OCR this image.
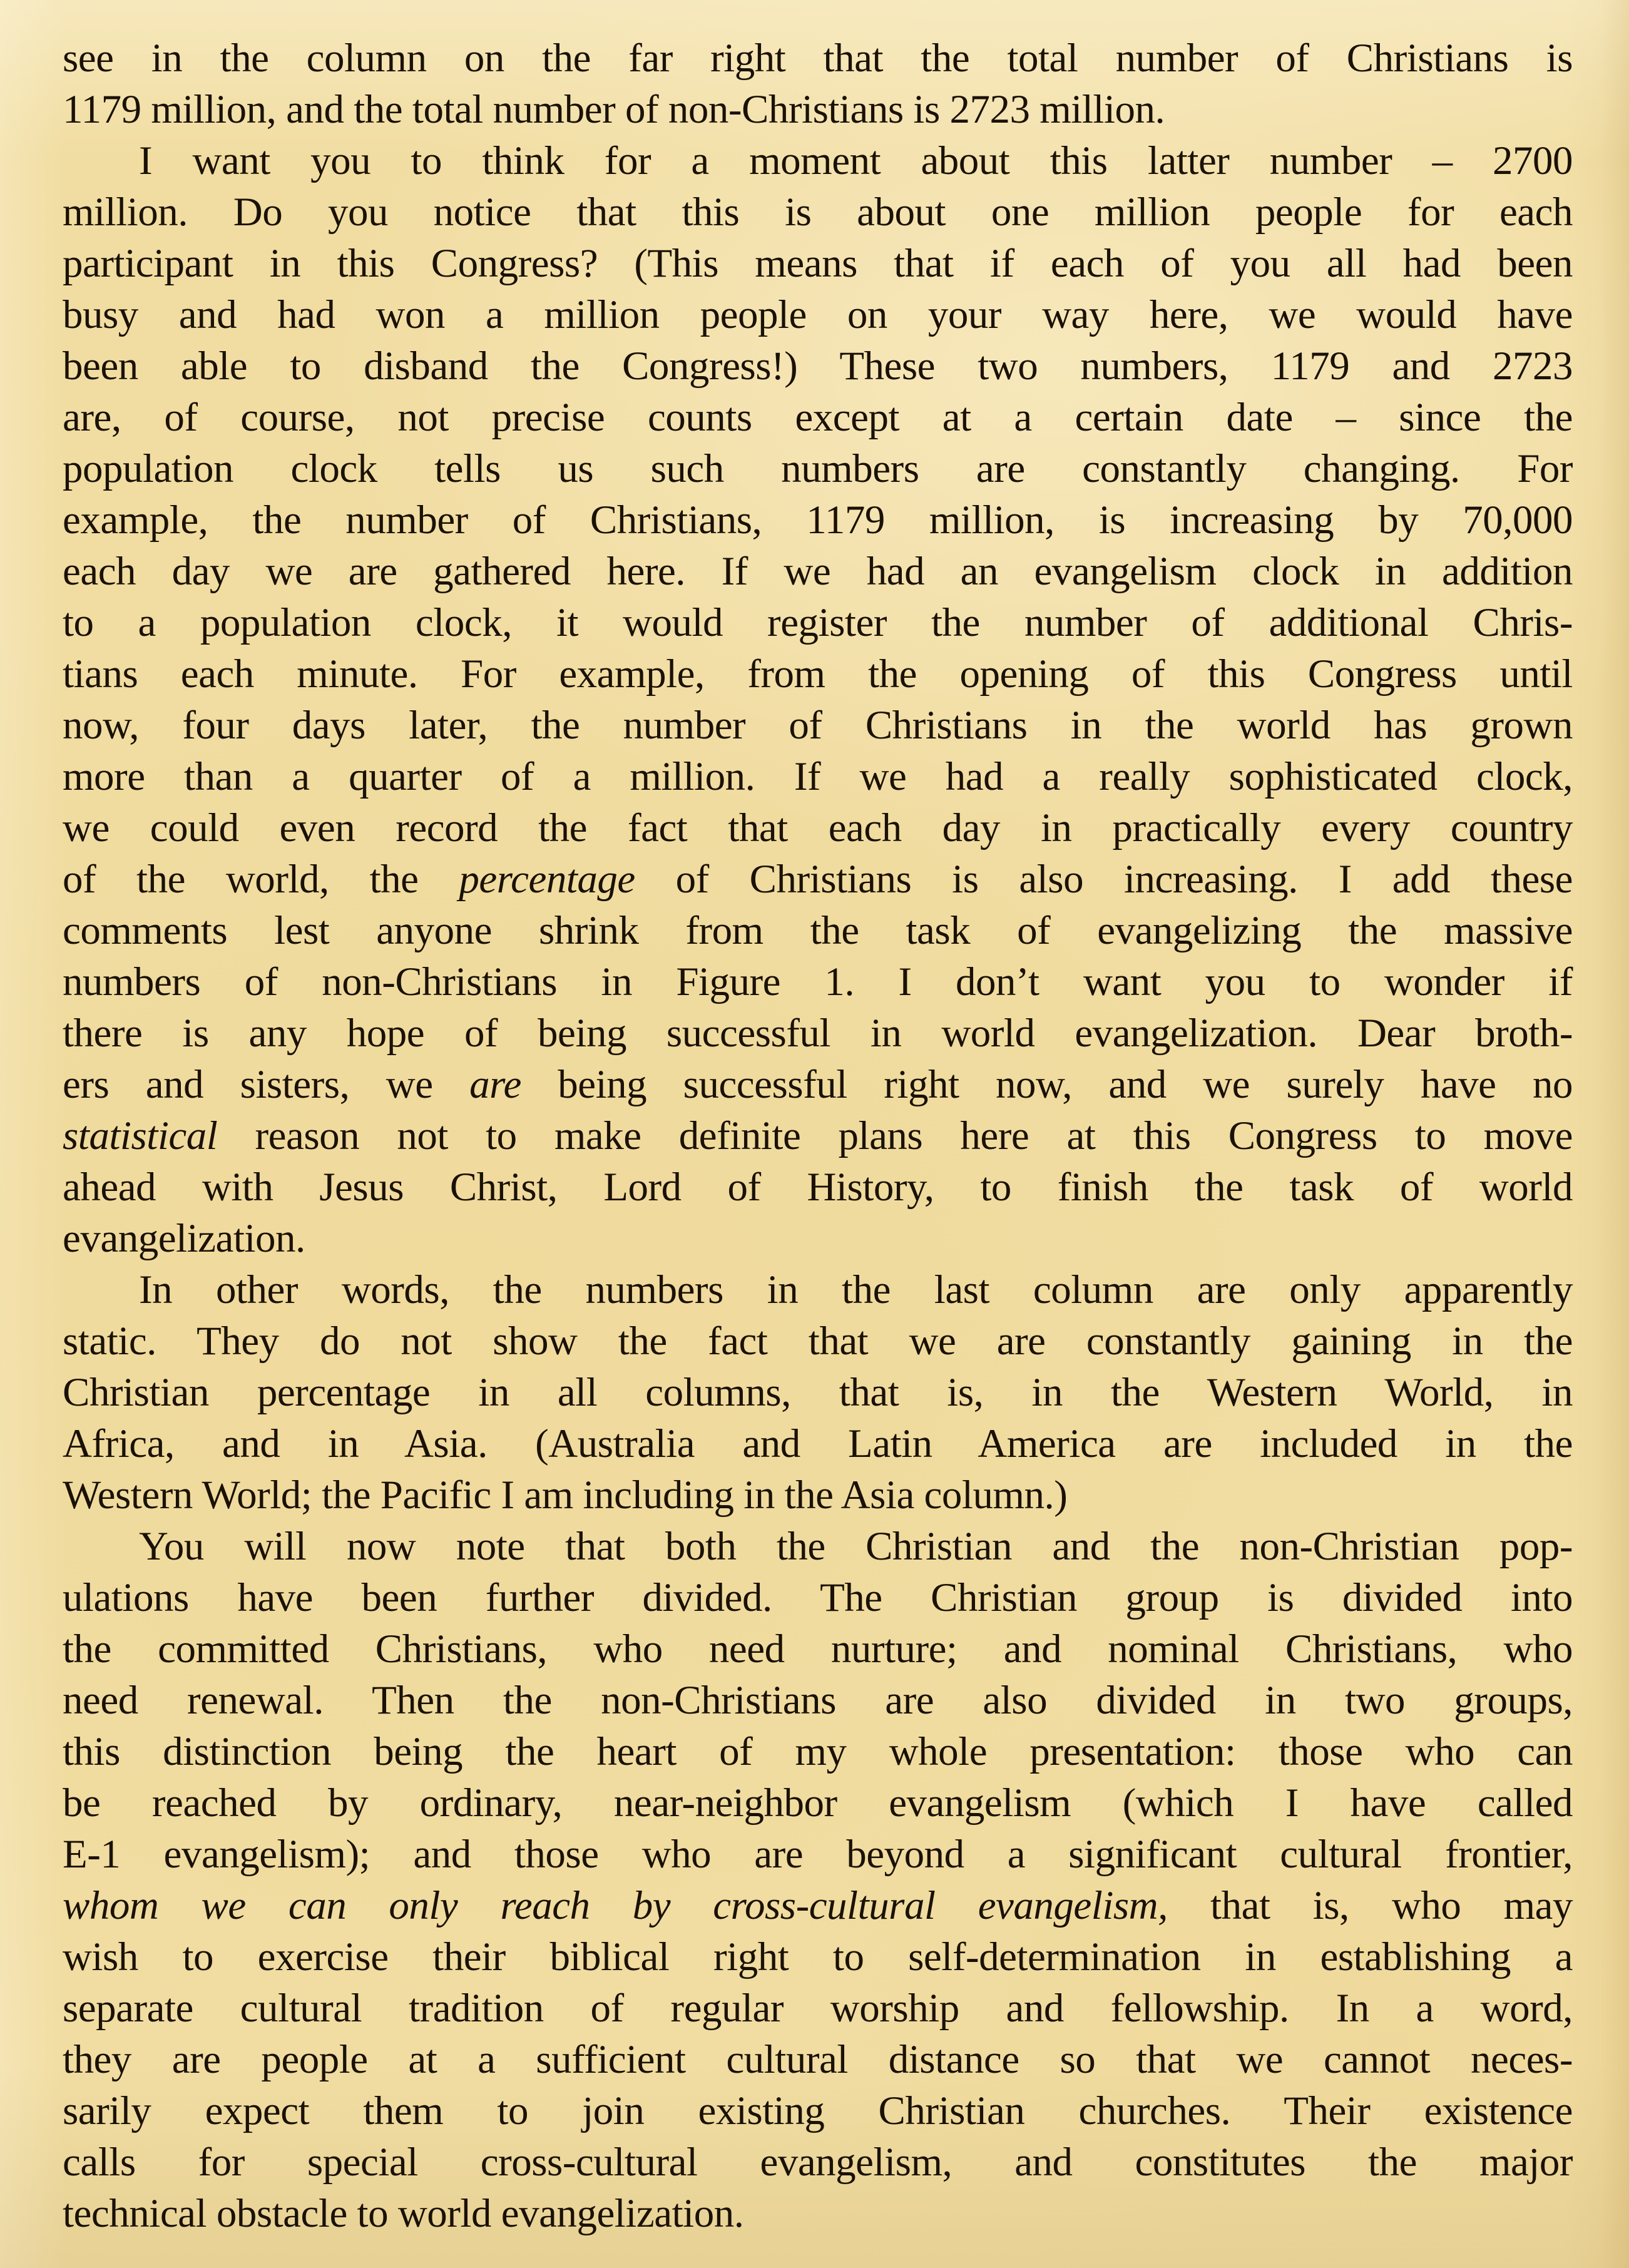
see in the column on the far right that the total number of Christians is
1179 million, and the total number of non-Christians is 2723 million.
I want you to think for a moment about this latter number – 2700
million. Do you notice that this is about one million people for each
participant in this Congress? (This means that if each of you all had been
busy and had won a million people on your way here, we would have
been able to disband the Congress!) These two numbers, 1179 and 2723
are, of course, not precise counts except at a certain date – since the
population clock tells us such numbers are constantly changing. For
example, the number of Christians, 1179 million, is increasing by 70,000
each day we are gathered here. If we had an evangelism clock in addition
to a population clock, it would register the number of additional Chris-
tians each minute. For example, from the opening of this Congress until
now, four days later, the number of Christians in the world has grown
more than a quarter of a million. If we had a really sophisticated clock,
we could even record the fact that each day in practically every country
of the world, the percentage of Christians is also increasing. I add these
comments lest anyone shrink from the task of evangelizing the massive
numbers of non-Christians in Figure 1. I don’t want you to wonder if
there is any hope of being successful in world evangelization. Dear broth-
ers and sisters, we are being successful right now, and we surely have no
statistical reason not to make definite plans here at this Congress to move
ahead with Jesus Christ, Lord of History, to finish the task of world
evangelization.
In other words, the numbers in the last column are only apparently
static. They do not show the fact that we are constantly gaining in the
Christian percentage in all columns, that is, in the Western World, in
Africa, and in Asia. (Australia and Latin America are included in the
Western World; the Pacific I am including in the Asia column.)
You will now note that both the Christian and the non-Christian pop-
ulations have been further divided. The Christian group is divided into
the committed Christians, who need nurture; and nominal Christians, who
need renewal. Then the non-Christians are also divided in two groups,
this distinction being the heart of my whole presentation: those who can
be reached by ordinary, near-neighbor evangelism (which I have called
E-1 evangelism); and those who are beyond a significant cultural frontier,
whom we can only reach by cross-cultural evangelism, that is, who may
wish to exercise their biblical right to self-determination in establishing a
separate cultural tradition of regular worship and fellowship. In a word,
they are people at a sufficient cultural distance so that we cannot neces-
sarily expect them to join existing Christian churches. Their existence
calls for special cross-cultural evangelism, and constitutes the major
technical obstacle to world evangelization.
